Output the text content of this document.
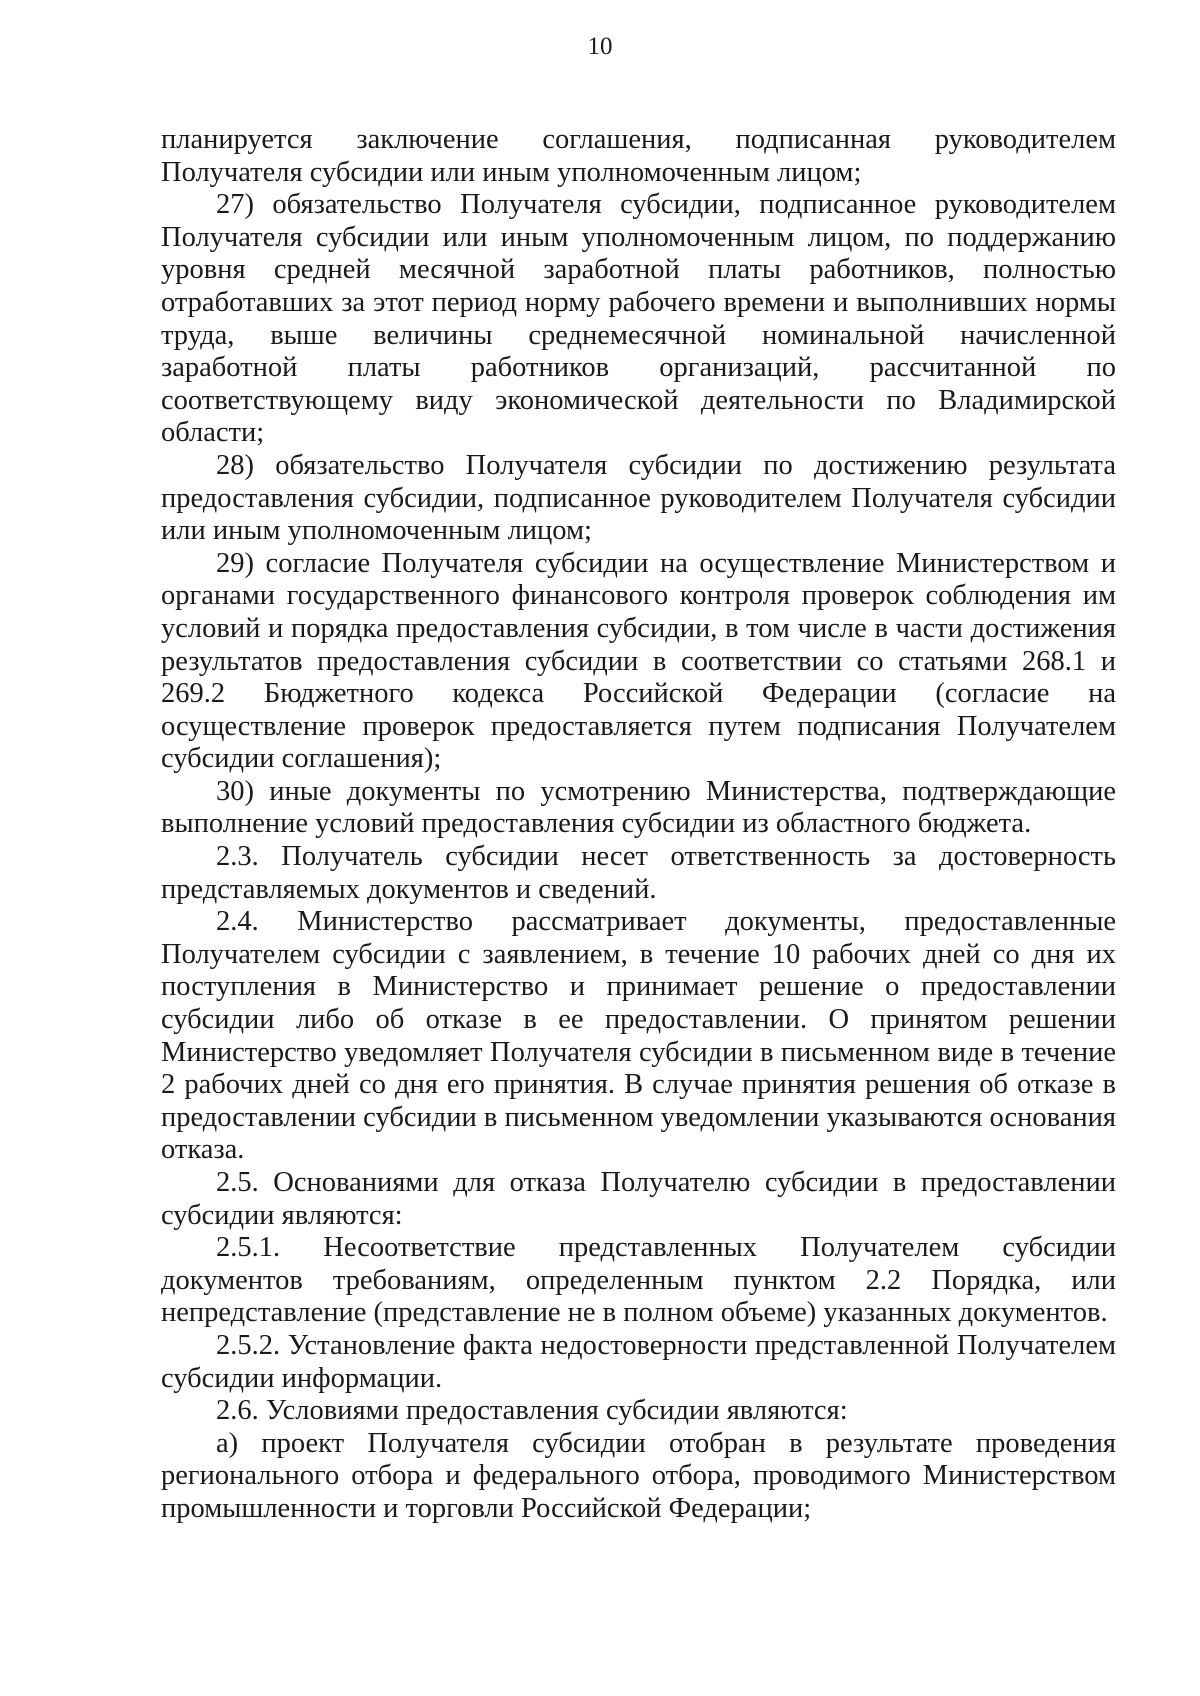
10

планируется заключение соглашения, подписанная руководителем Получателя субсидии или иным уполномоченным лицом;

27) обязательство Получателя субсидии, подписанное руководителем Получателя субсидии или иным уполномоченным лицом, по поддержанию уровня средней месячной заработной платы работников, полностью отработавших за этот период норму рабочего времени и выполнивших нормы труда, выше величины среднемесячной номинальной начисленной заработной платы работников организаций, рассчитанной по соответствующему виду экономической деятельности по Владимирской области;

28) обязательство Получателя субсидии по достижению результата предоставления субсидии, подписанное руководителем Получателя субсидии или иным уполномоченным лицом;

29) согласие Получателя субсидии на осуществление Министерством и органами государственного финансового контроля проверок соблюдения им условий и порядка предоставления субсидии, в том числе в части достижения результатов предоставления субсидии в соответствии со статьями 268.1 и 269.2 Бюджетного кодекса Российской Федерации (согласие на осуществление проверок предоставляется путем подписания Получателем субсидии соглашения);

30) иные документы по усмотрению Министерства, подтверждающие выполнение условий предоставления субсидии из областного бюджета.

2.3. Получатель субсидии несет ответственность за достоверность представляемых документов и сведений.

2.4. Министерство рассматривает документы, предоставленные Получателем субсидии с заявлением, в течение 10 рабочих дней со дня их поступления в Министерство и принимает решение о предоставлении субсидии либо об отказе в ее предоставлении. О принятом решении Министерство уведомляет Получателя субсидии в письменном виде в течение 2 рабочих дней со дня его принятия. В случае принятия решения об отказе в предоставлении субсидии в письменном уведомлении указываются основания отказа.

2.5. Основаниями для отказа Получателю субсидии в предоставлении субсидии являются:

2.5.1. Несоответствие представленных Получателем субсидии документов требованиям, определенным пунктом 2.2 Порядка, или непредставление (представление не в полном объеме) указанных документов.

2.5.2. Установление факта недостоверности представленной Получателем субсидии информации.

2.6. Условиями предоставления субсидии являются:

а) проект Получателя субсидии отобран в результате проведения регионального отбора и федерального отбора, проводимого Министерством промышленности и торговли Российской Федерации;
